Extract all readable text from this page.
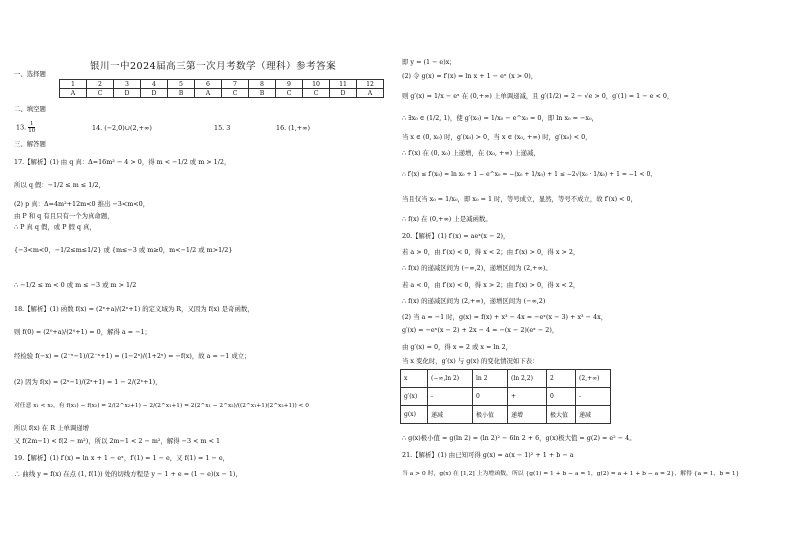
银川一中2024届高三第一次月考数学（理科）参考答案
一、选择题
1	2	3	4	5	6	7	8	9	10	11	12
A	C	D	D	B	A	C	B	C	C	D	A
二、填空题
13. $\frac{1}{10}$	14. (−2,0)∪(2,+∞)	15. 3	16. (1,+∞)
三、解答题
17.【解析】(1) 由 q 真：Δ=16m² − 4 > 0，得 m < −1/2 或 m > 1/2，
所以 q 假：−1/2 ≤ m ≤ 1/2，
(2) p 真：Δ=4m²+12m<0 推出 −3<m<0，
由 P 和 q 有且只有一个为真命题，
∴ P 真 q 假，或 P 假 q 真，
{−3<m<0，−1/2≤m≤1/2} 或 {m≤−3 或 m≥0，m<−1/2 或 m>1/2}
∴ −1/2 ≤ m < 0 或 m ≤ −3 或 m > 1/2
18.【解析】(1) 函数 f(x) = (2ˣ+a)/(2ˣ+1) 的定义域为 R，又因为 f(x) 是奇函数，
则 f(0) = (2⁰+a)/(2⁰+1) = 0，解得 a = −1；
经检验 f(−x) = (2⁻ˣ−1)/(2⁻ˣ+1) = (1−2ˣ)/(1+2ˣ) = −f(x)，故 a = −1 成立；
(2) 因为 f(x) = (2ˣ−1)/(2ˣ+1) = 1 − 2/(2ˣ+1)，
对任意 x₁ < x₂，有 f(x₁) − f(x₂) = 2/(2^x₂+1) − 2/(2^x₁+1) = 2(2^x₁ − 2^x₂)/((2^x₁+1)(2^x₂+1)) < 0
所以 f(x) 在 R 上单调递增
又 f(2m−1) < f(2 − m²)，所以 2m−1 < 2 − m²，解得 −3 < m < 1
19.【解析】(1) f′(x) = ln x + 1 − eˣ，f′(1) = 1 − e，又 f(1) = 1 − e，
∴ 曲线 y = f(x) 在点 (1, f(1)) 处的切线方程是 y − 1 + e = (1 − e)(x − 1)，
即 y = (1 − e)x；
(2) 令 g(x) = f′(x) = ln x + 1 − eˣ (x > 0)，
则 g′(x) = 1/x − eˣ 在 (0,+∞) 上单调递减，且 g′(1/2) = 2 − √e > 0，g′(1) = 1 − e < 0，
∴ ∃x₀ ∈ (1/2, 1)，使 g′(x₀) = 1/x₀ − e^x₀ = 0，即 ln x₀ = −x₀，
当 x ∈ (0, x₀) 时，g′(x₀) > 0，当 x ∈ (x₀, +∞) 时，g′(x₀) < 0，
∴ f′(x) 在 (0, x₀) 上递增，在 (x₀, +∞) 上递减，
∴ f′(x) ≤ f′(x₀) = ln x₀ + 1 − e^x₀ = −(x₀ + 1/x₀) + 1 ≤ −2√(x₀ · 1/x₀) + 1 = −1 < 0，
当且仅当 x₀ = 1/x₀，即 x₀ = 1 时，等号成立，显然，等号不成立，故 f′(x) < 0，
∴ f(x) 在 (0,+∞) 上是减函数。
20.【解析】(1) f′(x) = aeˣ(x − 2)，
若 a > 0，由 f′(x) < 0，得 x < 2；由 f′(x) > 0，得 x > 2，
∴ f(x) 的递减区间为 (−∞,2)，递增区间为 (2,+∞)。
若 a < 0，由 f′(x) < 0，得 x > 2；由 f′(x) > 0，得 x < 2，
∴ f(x) 的递减区间为 (2,+∞)，递增区间为 (−∞,2)
(2) 当 a = −1 时，g(x) = f(x) + x³ − 4x = −eˣ(x − 3) + x³ − 4x，
g′(x) = −eˣ(x − 2) + 2x − 4 = −(x − 2)(eˣ − 2)，
由 g′(x) = 0，得 x = 2 或 x = ln 2，
当 x 变化时，g′(x) 与 g(x) 的变化情况如下表：
∴ g(x)极小值 = g(ln 2) = (ln 2)² − 6ln 2 + 6，g(x)极大值 = g(2) = e² − 4。
21.【解析】(1) 由已知可得 g(x) = a(x − 1)² + 1 + b − a
当 a > 0 时，g(x) 在 [1,2] 上为增函数，所以 {g(1) = 1 + b − a = 1，g(2) = a + 1 + b − a = 2}，解得 {a = 1，b = 1}
x	(−∞,ln 2)	ln 2	(ln 2,2)	2	(2,+∞)
g′(x)	-	0	+	0	-
g(x)	递减	极小值	递增	极大值	递减
